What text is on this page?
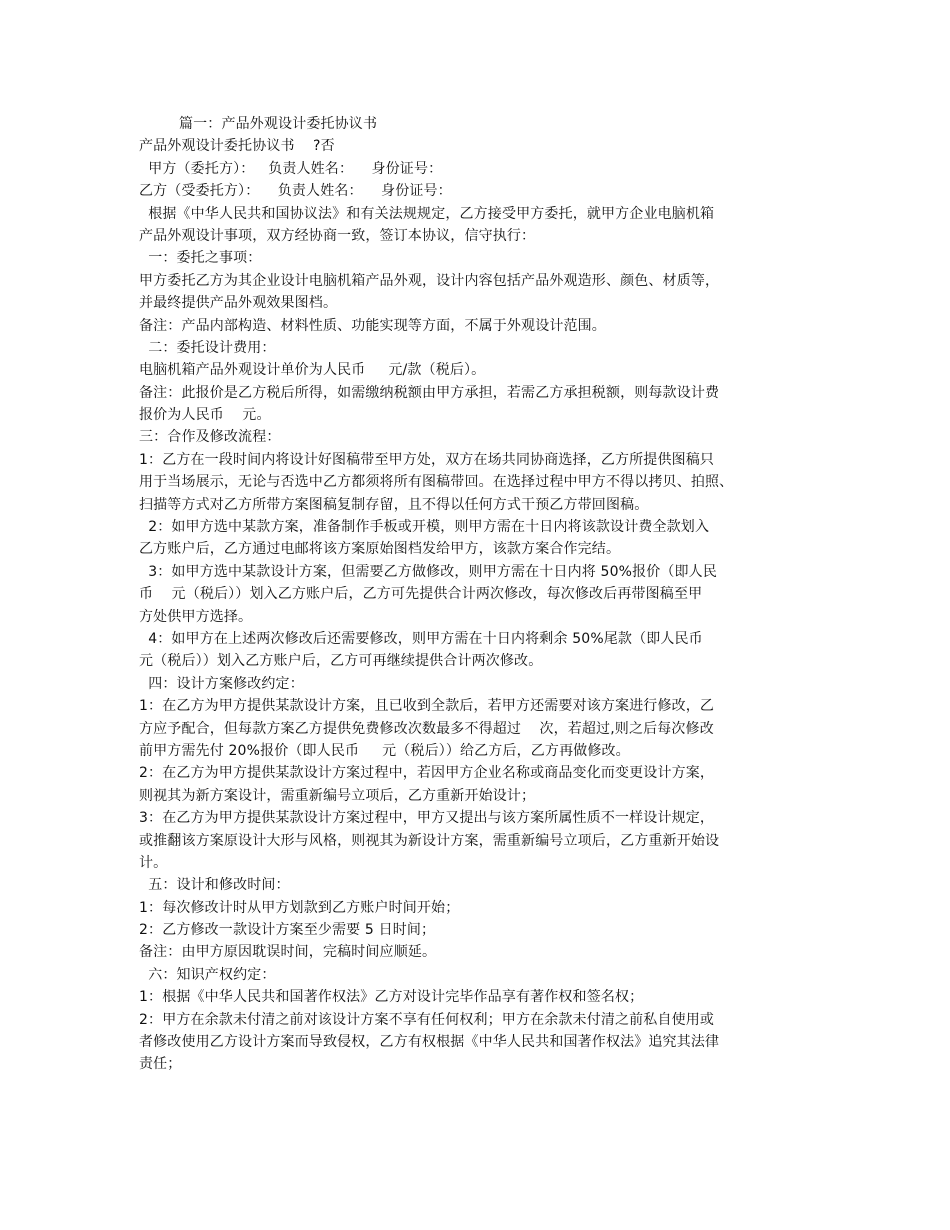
篇一：产品外观设计委托协议书
产品外观设计委托协议书    ?否
甲方（委托方）：   负责人姓名：    身份证号：
乙方（受委托方）：    负责人姓名：    身份证号：
根据《中华人民共和国协议法》和有关法规规定，乙方接受甲方委托，就甲方企业电脑机箱
产品外观设计事项，双方经协商一致，签订本协议，信守执行：
一：委托之事项：
甲方委托乙方为其企业设计电脑机箱产品外观，设计内容包括产品外观造形、颜色、材质等，
并最终提供产品外观效果图档。
备注：产品内部构造、材料性质、功能实现等方面，不属于外观设计范围。
二：委托设计费用：
电脑机箱产品外观设计单价为人民币     元/款（税后）。
备注：此报价是乙方税后所得，如需缴纳税额由甲方承担，若需乙方承担税额，则每款设计费
报价为人民币    元。
三：合作及修改流程：
1：乙方在一段时间内将设计好图稿带至甲方处，双方在场共同协商选择，乙方所提供图稿只
用于当场展示，无论与否选中乙方都须将所有图稿带回。在选择过程中甲方不得以拷贝、拍照、
扫描等方式对乙方所带方案图稿复制存留，且不得以任何方式干预乙方带回图稿。
2：如甲方选中某款方案，准备制作手板或开模，则甲方需在十日内将该款设计费全款划入
乙方账户后，乙方通过电邮将该方案原始图档发给甲方，该款方案合作完结。
3：如甲方选中某款设计方案，但需要乙方做修改，则甲方需在十日内将 50%报价（即人民
币    元（税后））划入乙方账户后，乙方可先提供合计两次修改，每次修改后再带图稿至甲
方处供甲方选择。
4：如甲方在上述两次修改后还需要修改，则甲方需在十日内将剩余 50%尾款（即人民币
元（税后））划入乙方账户后，乙方可再继续提供合计两次修改。
四：设计方案修改约定：
1：在乙方为甲方提供某款设计方案，且已收到全款后，若甲方还需要对该方案进行修改，乙
方应予配合，但每款方案乙方提供免费修改次数最多不得超过    次，若超过,则之后每次修改
前甲方需先付 20%报价（即人民币     元（税后））给乙方后，乙方再做修改。
2：在乙方为甲方提供某款设计方案过程中，若因甲方企业名称或商品变化而变更设计方案，
则视其为新方案设计，需重新编号立项后，乙方重新开始设计；
3：在乙方为甲方提供某款设计方案过程中，甲方又提出与该方案所属性质不一样设计规定，
或推翻该方案原设计大形与风格，则视其为新设计方案，需重新编号立项后，乙方重新开始设
计。
五：设计和修改时间：
1：每次修改计时从甲方划款到乙方账户时间开始；
2：乙方修改一款设计方案至少需要 5 日时间；
备注：由甲方原因耽误时间，完稿时间应顺延。
六：知识产权约定：
1：根据《中华人民共和国著作权法》乙方对设计完毕作品享有著作权和签名权；
2：甲方在余款未付清之前对该设计方案不享有任何权利；甲方在余款未付清之前私自使用或
者修改使用乙方设计方案而导致侵权，乙方有权根据《中华人民共和国著作权法》追究其法律
责任；
